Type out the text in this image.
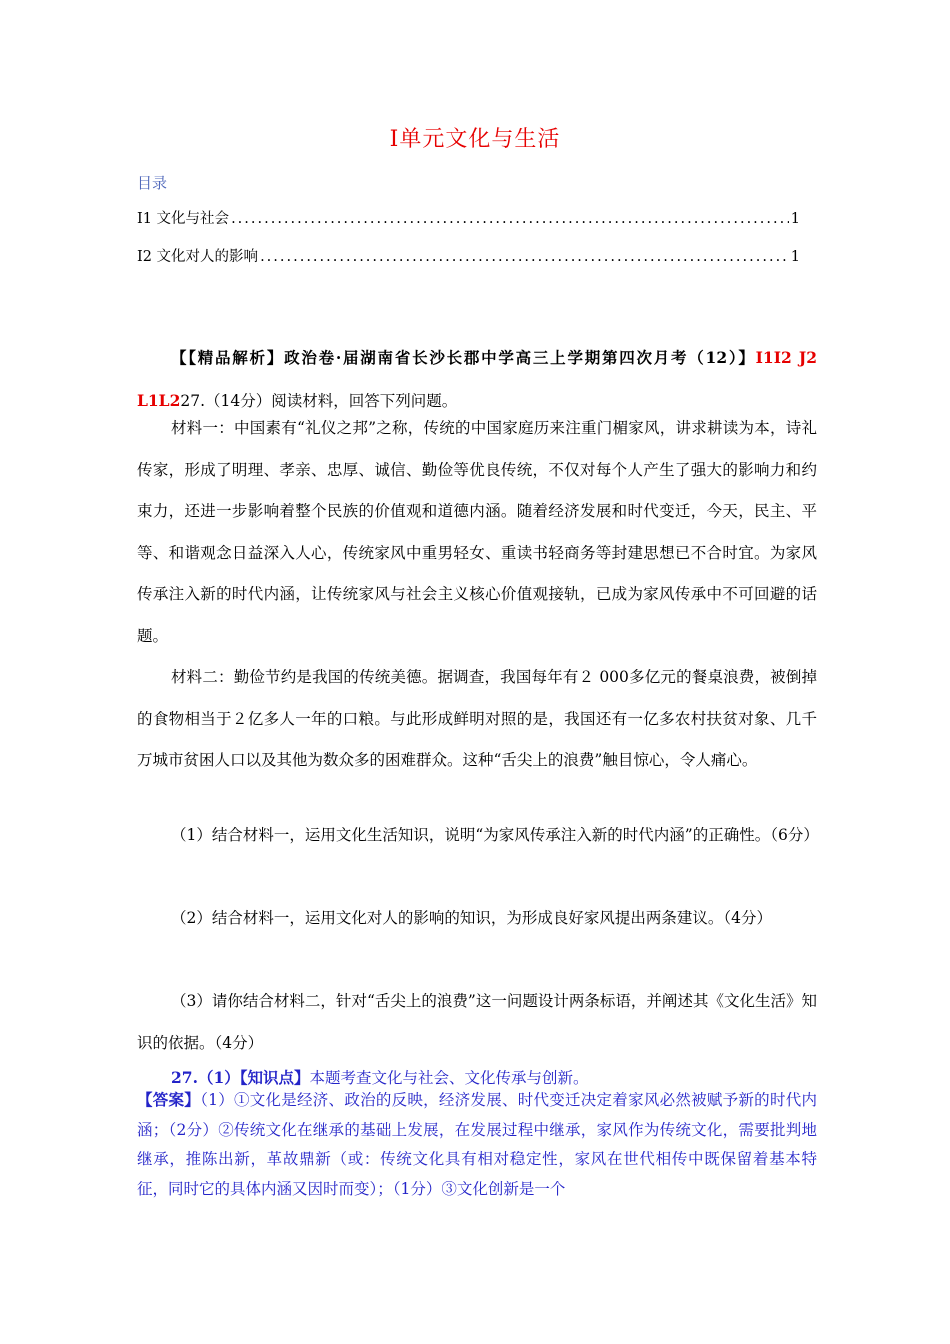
I单元文化与生活
目录
I1 文化与社会 .....	1
I2 文化对人的影响 .....	1
【【精品解析】政治卷·届湖南省长沙长郡中学高三上学期第四次月考（12）】I1I2 J2 L1L227.（14分）阅读材料，回答下列问题。
材料一：中国素有“礼仪之邦”之称，传统的中国家庭历来注重门楣家风，讲求耕读为本，诗礼传家，形成了明理、孝亲、忠厚、诚信、勤俭等优良传统，不仅对每个人产生了强大的影响力和约束力，还进一步影响着整个民族的价值观和道德内涵。随着经济发展和时代变迁，今天，民主、平等、和谐观念日益深入人心，传统家风中重男轻女、重读书轻商务等封建思想已不合时宜。为家风传承注入新的时代内涵，让传统家风与社会主义核心价值观接轨，已成为家风传承中不可回避的话题。
材料二：勤俭节约是我国的传统美德。据调查，我国每年有２ 000多亿元的餐桌浪费，被倒掉的食物相当于２亿多人一年的口粮。与此形成鲜明对照的是，我国还有一亿多农村扶贫对象、几千万城市贫困人口以及其他为数众多的困难群众。这种“舌尖上的浪费”触目惊心，令人痛心。
（1）结合材料一，运用文化生活知识，说明“为家风传承注入新的时代内涵”的正确性。（6分）
（2）结合材料一，运用文化对人的影响的知识，为形成良好家风提出两条建议。（4分）
（3）请你结合材料二，针对“舌尖上的浪费”这一问题设计两条标语，并阐述其《文化生活》知识的依据。（4分）
27.（1）【知识点】本题考查文化与社会、文化传承与创新。
【答案】（1）①文化是经济、政治的反映，经济发展、时代变迁决定着家风必然被赋予新的时代内涵；（2分）②传统文化在继承的基础上发展，在发展过程中继承，家风作为传统文化，需要批判地继承，推陈出新，革故鼎新（或：传统文化具有相对稳定性，家风在世代相传中既保留着基本特征，同时它的具体内涵又因时而变）；（1分）③文化创新是一个
